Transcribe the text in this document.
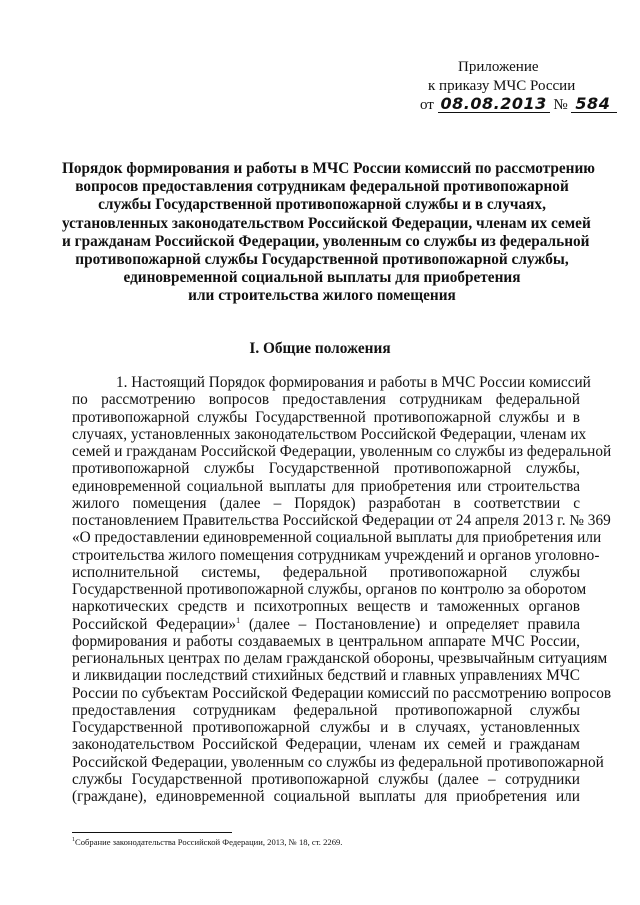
Приложение
к приказу МЧС России
от 08.08.2013 № 584
Порядок формирования и работы в МЧС России комиссий по рассмотрению
вопросов предоставления сотрудникам федеральной противопожарной
службы Государственной противопожарной службы и в случаях,
установленных законодательством Российской Федерации, членам их семей
и гражданам Российской Федерации, уволенным со службы из федеральной
противопожарной службы Государственной противопожарной службы,
единовременной социальной выплаты для приобретения
или строительства жилого помещения
I. Общие положения
1. Настоящий Порядок формирования и работы в МЧС России комиссий
по рассмотрению вопросов предоставления сотрудникам федеральной
противопожарной службы Государственной противопожарной службы и в
случаях, установленных законодательством Российской Федерации, членам их
семей и гражданам Российской Федерации, уволенным со службы из федеральной
противопожарной службы Государственной противопожарной службы,
единовременной социальной выплаты для приобретения или строительства
жилого помещения (далее – Порядок) разработан в соответствии с
постановлением Правительства Российской Федерации от 24 апреля 2013 г. № 369
«О предоставлении единовременной социальной выплаты для приобретения или
строительства жилого помещения сотрудникам учреждений и органов уголовно-
исполнительной системы, федеральной противопожарной службы
Государственной противопожарной службы, органов по контролю за оборотом
наркотических средств и психотропных веществ и таможенных органов
Российской Федерации»$^1$ (далее – Постановление) и определяет правила
формирования и работы создаваемых в центральном аппарате МЧС России,
региональных центрах по делам гражданской обороны, чрезвычайным ситуациям
и ликвидации последствий стихийных бедствий и главных управлениях МЧС
России по субъектам Российской Федерации комиссий по рассмотрению вопросов
предоставления сотрудникам федеральной противопожарной службы
Государственной противопожарной службы и в случаях, установленных
законодательством Российской Федерации, членам их семей и гражданам
Российской Федерации, уволенным со службы из федеральной противопожарной
службы Государственной противопожарной службы (далее – сотрудники
(граждане), единовременной социальной выплаты для приобретения или
$^1$Собрание законодательства Российской Федерации, 2013, № 18, ст. 2269.
